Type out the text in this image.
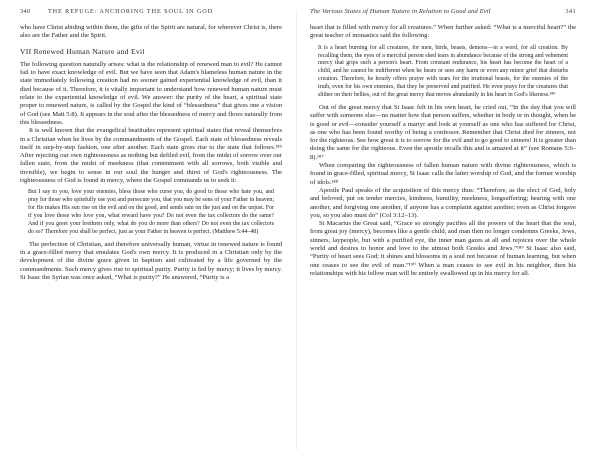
340	THE REFUGE: ANCHORING THE SOUL IN GOD

who have Christ abiding within them, the gifts of the Spirit are natural, for wherever Christ is, there also are the Father and the Spirit.

VII Renewed Human Nature and Evil

The following question naturally arises: what is the relationship of renewed man to evil? He cannot fail to have exact knowledge of evil. But we have seen that Adam's blameless human nature in the state immediately following creation had no sooner gained experiential knowledge of evil, than it died because of it. Therefore, it is vitally important to understand how renewed human nature must relate to the experiential knowledge of evil. We answer: the purity of the heart, a spiritual state proper to renewed nature, is called by the Gospel the kind of “blessedness” that gives one a vision of God (see Matt 5:8). It appears in the soul after the blessedness of mercy and flows naturally from this blessedness.

It is well known that the evangelical beatitudes represent spiritual states that reveal themselves in a Christian when he lives by the commandments of the Gospel. Each state of blessedness reveals itself in step-by-step fashion, one after another. Each state gives rise to the state that follows.¹⁸⁵ After rejecting our own righteousness as nothing but defiled evil, from the midst of sorrow over our fallen state, from the midst of meekness (that contentment with all sorrows, both visible and invisible), we begin to sense in our soul the hunger and thirst of God's righteousness. The righteousness of God is found in mercy, where the Gospel commands us to seek it:

But I say to you, love your enemies, bless those who curse you, do good to those who hate you, and pray for those who spitefully use you and persecute you, that you may be sons of your Father in heaven; for He makes His sun rise on the evil and on the good, and sends rain on the just and on the unjust. For if you love those who love you, what reward have you? Do not even the tax collectors do the same? And if you greet your brethren only, what do you do more than others? Do not even the tax collectors do so? Therefore you shall be perfect, just as your Father in heaven is perfect. (Matthew 5:44–48)

The perfection of Christian, and therefore universally human, virtue in renewed nature is found in a grace-filled mercy that emulates God's own mercy. It is produced in a Christian only by the development of the divine grace given in baptism and cultivated by a life governed by the commandments. Such mercy gives rise to spiritual purity. Purity is fed by mercy; it lives by mercy. St Isaac the Syrian was once asked, “What is purity?” He answered, “Purity is a

The Various States of Human Nature in Relation to Good and Evil	341

heart that is filled with mercy for all creatures.” When further asked: “What is a merciful heart?” the great teacher of monastics said the following:

It is a heart burning for all creatures, for men, birds, beasts, demons—in a word, for all creation. By recalling them, the eyes of a merciful person shed tears in abundance because of the strong and vehement mercy that grips such a person's heart. From constant endurance, his heart has become the heart of a child, and he cannot be indifferent when he hears or sees any harm or even any minor grief that disturbs creation. Therefore, he hourly offers prayer with tears for the irrational beasts, for the enemies of the truth, even for his own enemies, that they be preserved and purified. He even prays for the creatures that slither on their bellies, out of the great mercy that moves abundantly in his heart in God's likeness.¹⁸⁶

Out of the great mercy that St Isaac felt in his own heart, he cried out, “In the day that you will suffer with someone else—no matter how that person suffers, whether in body or in thought, when he is good or evil—consider yourself a martyr and look at yourself as one who has suffered for Christ, as one who has been found worthy of being a confessor. Remember that Christ died for sinners, not for the righteous. See how great it is to sorrow for the evil and to go good to sinners! It is greater than doing the same for the righteous. Even the apostle recalls this and is amazed at it” (see Romans 5:6–8).¹⁸⁷

When comparing the righteousness of fallen human nature with divine righteousness, which is found in grace-filled, spiritual mercy, St Isaac calls the latter worship of God, and the former worship of idols.¹⁸⁸

Apostle Paul speaks of the acquisition of this mercy thus: “Therefore, as the elect of God, holy and beloved, put on tender mercies, kindness, humility, meekness, longsuffering; bearing with one another, and forgiving one another, if anyone has a complaint against another; even as Christ forgave you, so you also must do” (Col 3:12–13).

St Macarius the Great said, “Grace so strongly pacifies all the powers of the heart that the soul, from great joy (mercy), becomes like a gentle child, and man then no longer condemns Greeks, Jews, sinners, laypeople, but with a purified eye, the inner man gazes at all and rejoices over the whole world and desires to honor and love to the utmost both Greeks and Jews.”¹⁸⁹ St Isaac also said, “Purity of heart sees God; it shines and blossoms in a soul not because of human learning, but when one ceases to see the evil of man.”¹⁹⁰ When a man ceases to see evil in his neighbor, then his relationships with his fellow man will be entirely swallowed up in his mercy for all.
